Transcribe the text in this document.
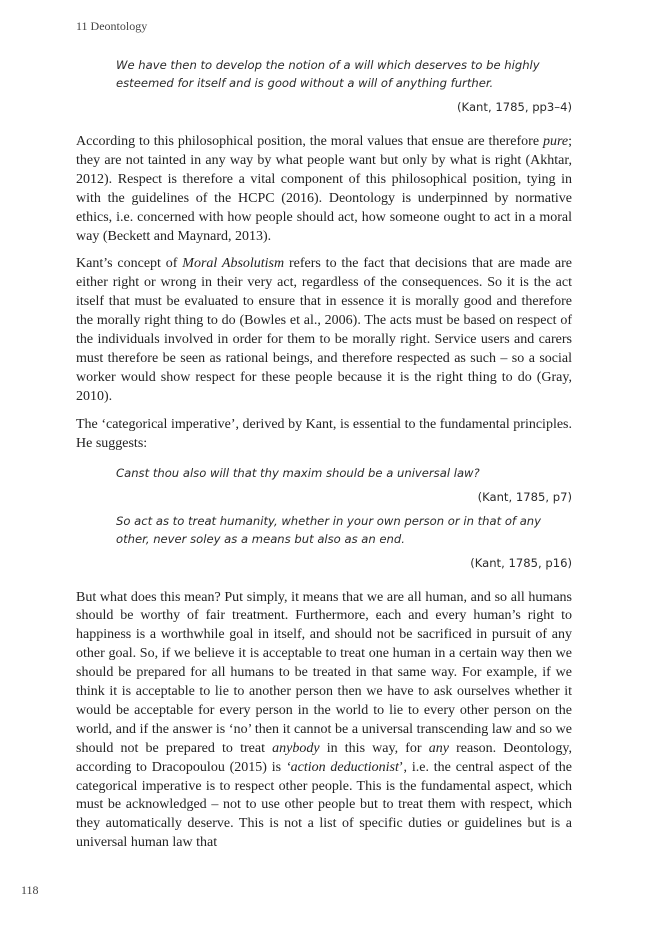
11 Deontology
We have then to develop the notion of a will which deserves to be highly esteemed for itself and is good without a will of anything further.
(Kant, 1785, pp3–4)

According to this philosophical position, the moral values that ensue are therefore pure; they are not tainted in any way by what people want but only by what is right (Akhtar, 2012). Respect is therefore a vital component of this philosophical position, tying in with the guidelines of the HCPC (2016). Deontology is underpinned by normative ethics, i.e. concerned with how people should act, how someone ought to act in a moral way (Beckett and Maynard, 2013).

Kant’s concept of Moral Absolutism refers to the fact that decisions that are made are either right or wrong in their very act, regardless of the consequences. So it is the act itself that must be evaluated to ensure that in essence it is morally good and therefore the morally right thing to do (Bowles et al., 2006). The acts must be based on respect of the individuals involved in order for them to be morally right. Service users and carers must therefore be seen as rational beings, and therefore respected as such – so a social worker would show respect for these people because it is the right thing to do (Gray, 2010).

The ‘categorical imperative’, derived by Kant, is essential to the fundamental principles. He suggests:

Canst thou also will that thy maxim should be a universal law?
(Kant, 1785, p7)
So act as to treat humanity, whether in your own person or in that of any other, never soley as a means but also as an end.
(Kant, 1785, p16)

But what does this mean? Put simply, it means that we are all human, and so all humans should be worthy of fair treatment. Furthermore, each and every human’s right to happiness is a worthwhile goal in itself, and should not be sacrificed in pursuit of any other goal. So, if we believe it is acceptable to treat one human in a certain way then we should be prepared for all humans to be treated in that same way. For example, if we think it is acceptable to lie to another person then we have to ask ourselves whether it would be acceptable for every person in the world to lie to every other person on the world, and if the answer is ‘no’ then it cannot be a universal transcending law and so we should not be prepared to treat anybody in this way, for any reason. Deontology, according to Dracopoulou (2015) is ‘action deductionist’, i.e. the central aspect of the categorical imperative is to respect other people. This is the fundamental aspect, which must be acknowledged – not to use other people but to treat them with respect, which they automatically deserve. This is not a list of specific duties or guidelines but is a universal human law that

118
